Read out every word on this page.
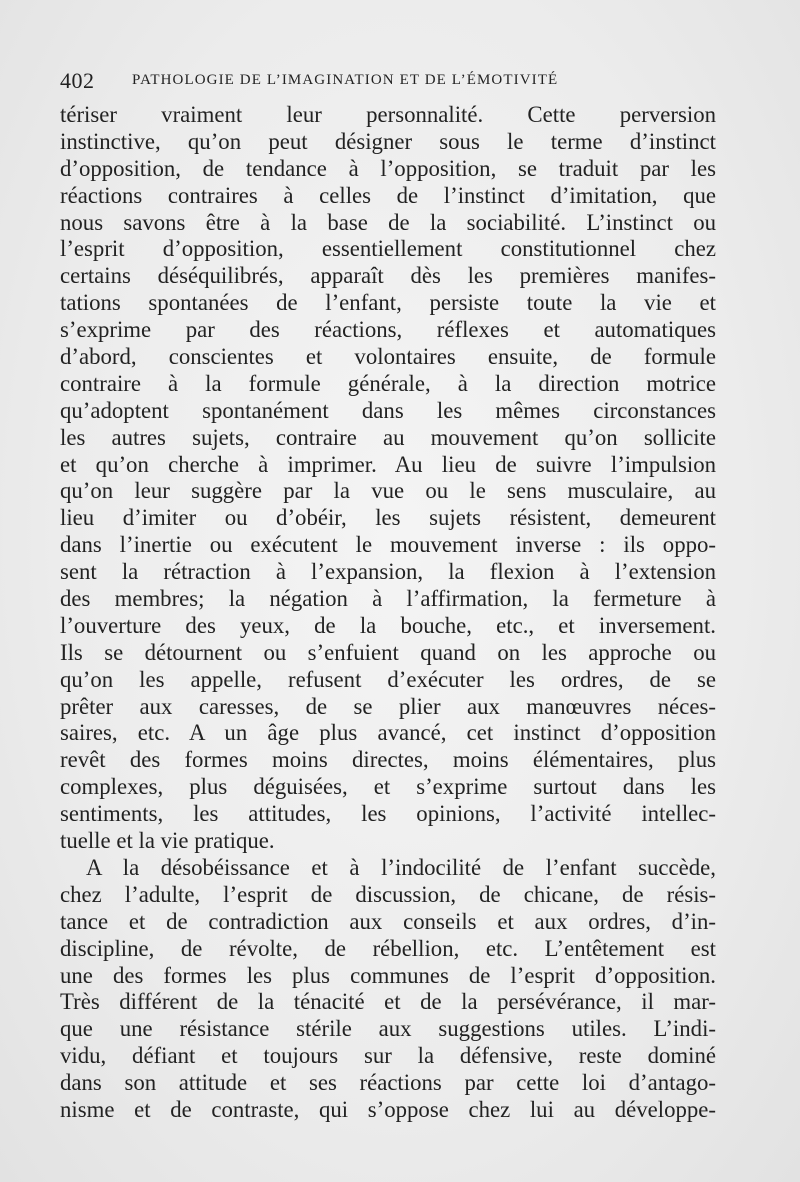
402	PATHOLOGIE DE L’IMAGINATION ET DE L’ÉMOTIVITÉ
tériser vraiment leur personnalité. Cette perversion
instinctive, qu’on peut désigner sous le terme d’instinct
d’opposition, de tendance à l’opposition, se traduit par les
réactions contraires à celles de l’instinct d’imitation, que
nous savons être à la base de la sociabilité. L’instinct ou
l’esprit d’opposition, essentiellement constitutionnel chez
certains déséquilibrés, apparaît dès les premières manifes-
tations spontanées de l’enfant, persiste toute la vie et
s’exprime par des réactions, réflexes et automatiques
d’abord, conscientes et volontaires ensuite, de formule
contraire à la formule générale, à la direction motrice
qu’adoptent spontanément dans les mêmes circonstances
les autres sujets, contraire au mouvement qu’on sollicite
et qu’on cherche à imprimer. Au lieu de suivre l’impulsion
qu’on leur suggère par la vue ou le sens musculaire, au
lieu d’imiter ou d’obéir, les sujets résistent, demeurent
dans l’inertie ou exécutent le mouvement inverse : ils oppo-
sent la rétraction à l’expansion, la flexion à l’extension
des membres; la négation à l’affirmation, la fermeture à
l’ouverture des yeux, de la bouche, etc., et inversement.
Ils se détournent ou s’enfuient quand on les approche ou
qu’on les appelle, refusent d’exécuter les ordres, de se
prêter aux caresses, de se plier aux manœuvres néces-
saires, etc. A un âge plus avancé, cet instinct d’opposition
revêt des formes moins directes, moins élémentaires, plus
complexes, plus déguisées, et s’exprime surtout dans les
sentiments, les attitudes, les opinions, l’activité intellec-
tuelle et la vie pratique.
A la désobéissance et à l’indocilité de l’enfant succède,
chez l’adulte, l’esprit de discussion, de chicane, de résis-
tance et de contradiction aux conseils et aux ordres, d’in-
discipline, de révolte, de rébellion, etc. L’entêtement est
une des formes les plus communes de l’esprit d’opposition.
Très différent de la ténacité et de la persévérance, il mar-
que une résistance stérile aux suggestions utiles. L’indi-
vidu, défiant et toujours sur la défensive, reste dominé
dans son attitude et ses réactions par cette loi d’antago-
nisme et de contraste, qui s’oppose chez lui au développe-
